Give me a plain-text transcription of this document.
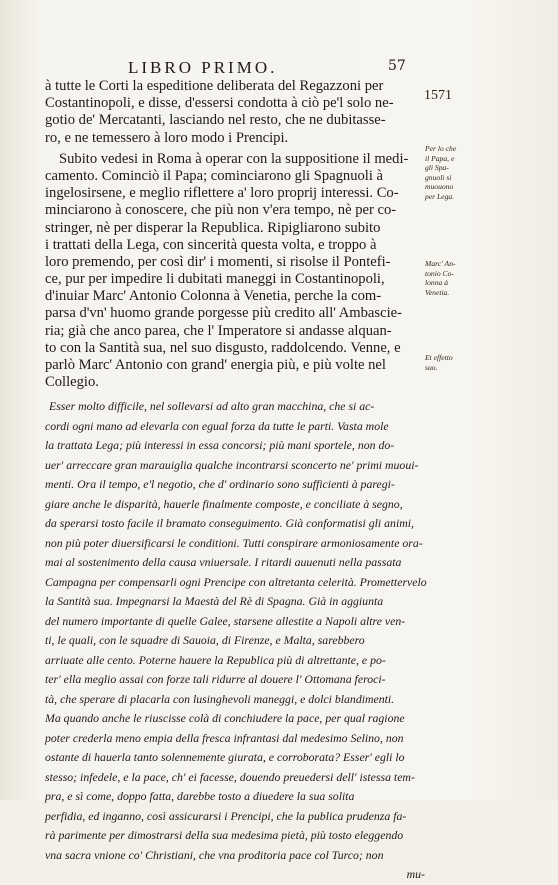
LIBRO PRIMO.	57
1571
Per lo che
il Papa, e
gli Spa-
gnuoli si
muouono
per Lega.
Marc' An-
tonio Co-
lonna à
Venetia.
Et effetto
suo.
à tutte le Corti la espeditione deliberata del Regazzoni per
Costantinopoli, e disse, d'essersi condotta à ciò pe'l solo ne-
gotio de' Mercatanti, lasciando nel resto, che ne dubitasse-
ro, e ne temessero à loro modo i Prencipi.
Subito vedesi in Roma à operar con la suppositione il medi-
camento. Cominciò il Papa; cominciarono gli Spagnuoli à
ingelosirsene, e meglio riflettere a' loro proprij interessi. Co-
minciarono à conoscere, che più non v'era tempo, nè per co-
stringer, nè per disperar la Republica. Ripigliarono subito
i trattati della Lega, con sincerità questa volta, e troppo à
loro premendo, per così dir' i momenti, si risolse il Pontefi-
ce, pur per impedire li dubitati maneggi in Costantinopoli,
d'inuiar Marc' Antonio Colonna à Venetia, perche la com-
parsa d'vn' huomo grande porgesse più credito all' Ambascie-
ria; già che anco parea, che l' Imperatore si andasse alquan-
to con la Santità sua, nel suo disgusto, raddolcendo. Venne, e
parlò Marc' Antonio con grand' energia più, e più volte nel
Collegio.
Esser molto difficile, nel sollevarsi ad alto gran macchina, che si ac-
cordi ogni mano ad elevarla con egual forza da tutte le parti. Vasta mole
la trattata Lega; più interessi in essa concorsi; più mani sportele, non do-
uer' arreccare gran marauiglia qualche incontrarsi sconcerto ne' primi muoui-
menti. Ora il tempo, e'l negotio, che d' ordinario sono sufficienti à paregi-
giare anche le disparità, hauerle finalmente composte, e conciliate à segno,
da sperarsi tosto facile il bramato conseguimento. Già conformatisi gli animi,
non più poter diuersificarsi le conditioni. Tutti conspirare armoniosamente ora-
mai al sostenimento della causa vniuersale. I ritardi auuenuti nella passata
Campagna per compensarli ogni Prencipe con altretanta celerità. Promettervelo
la Santità sua. Impegnarsi la Maestà del Rè di Spagna. Già in aggiunta
del numero importante di quelle Galee, starsene allestite a Napoli altre ven-
ti, le quali, con le squadre di Sauoia, di Firenze, e Malta, sarebbero
arriuate alle cento. Poterne hauere la Republica più di altrettante, e po-
ter' ella meglio assai con forze tali ridurre al douere l' Ottomana feroci-
tà, che sperare di placarla con lusinghevoli maneggi, e dolci blandimenti.
Ma quando anche le riuscisse colà di conchiudere la pace, per qual ragione
poter crederla meno empia della fresca infrantasi dal medesimo Selino, non
ostante di hauerla tanto solennemente giurata, e corroborata? Esser' egli lo
stesso; infedele, e la pace, ch' ei facesse, douendo preuedersi dell' istessa tem-
pra, e sì come, doppo fatta, darebbe tosto a diuedere la sua solita
perfidia, ed inganno, così assicurarsi i Prencipi, che la publica prudenza fa-
rà parimente per dimostrarsi della sua medesima pietà, più tosto eleggendo
vna sacra vnione co' Christiani, che vna proditoria pace col Turco; non
mu-
